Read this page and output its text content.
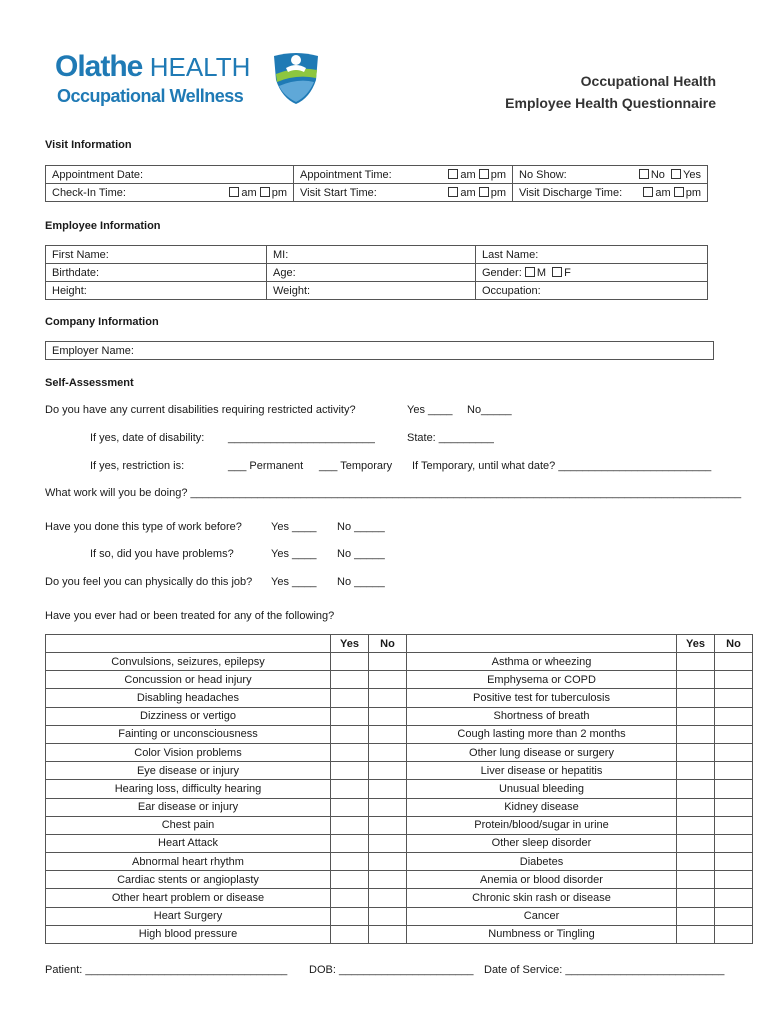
Olathe HEALTH
Occupational Wellness
Occupational Health
Employee Health Questionnaire
Visit Information
Appointment Date:	Appointment Time: am pm	No Show: No Yes

Check-In Time: am pm	Visit Start Time: am pm	Visit Discharge Time: am pm
Employee Information
First Name:	MI:	Last Name:
Birthdate:	Age:	Gender: M F
Height:	Weight:	Occupation:
Company Information
Employer Name:
Self-Assessment
Do you have any current disabilities requiring restricted activity?	Yes ____ No_____
If yes, date of disability: ________________________	State: _________
If yes, restriction is:	___ Permanent ___ Temporary If Temporary, until what date? _________________________
What work will you be doing? __________________________________________________________________________________________
Have you done this type of work before?	Yes ____ No _____
If so, did you have problems?	Yes ____ No _____
Do you feel you can physically do this job? Yes ____ No _____
Have you ever had or been treated for any of the following?
	Yes	No		Yes	No
Convulsions, seizures, epilepsy			Asthma or wheezing		
Concussion or head injury			Emphysema or COPD		
Disabling headaches			Positive test for tuberculosis		
Dizziness or vertigo			Shortness of breath		
Fainting or unconsciousness			Cough lasting more than 2 months		
Color Vision problems			Other lung disease or surgery		
Eye disease or injury			Liver disease or hepatitis		
Hearing loss, difficulty hearing			Unusual bleeding		
Ear disease or injury			Kidney disease		
Chest pain			Protein/blood/sugar in urine		
Heart Attack			Other sleep disorder		
Abnormal heart rhythm			Diabetes		
Cardiac stents or angioplasty			Anemia or blood disorder		
Other heart problem or disease			Chronic skin rash or disease		
Heart Surgery			Cancer		
High blood pressure			Numbness or Tingling		
Patient: _________________________________ DOB: ______________________ Date of Service: __________________________
